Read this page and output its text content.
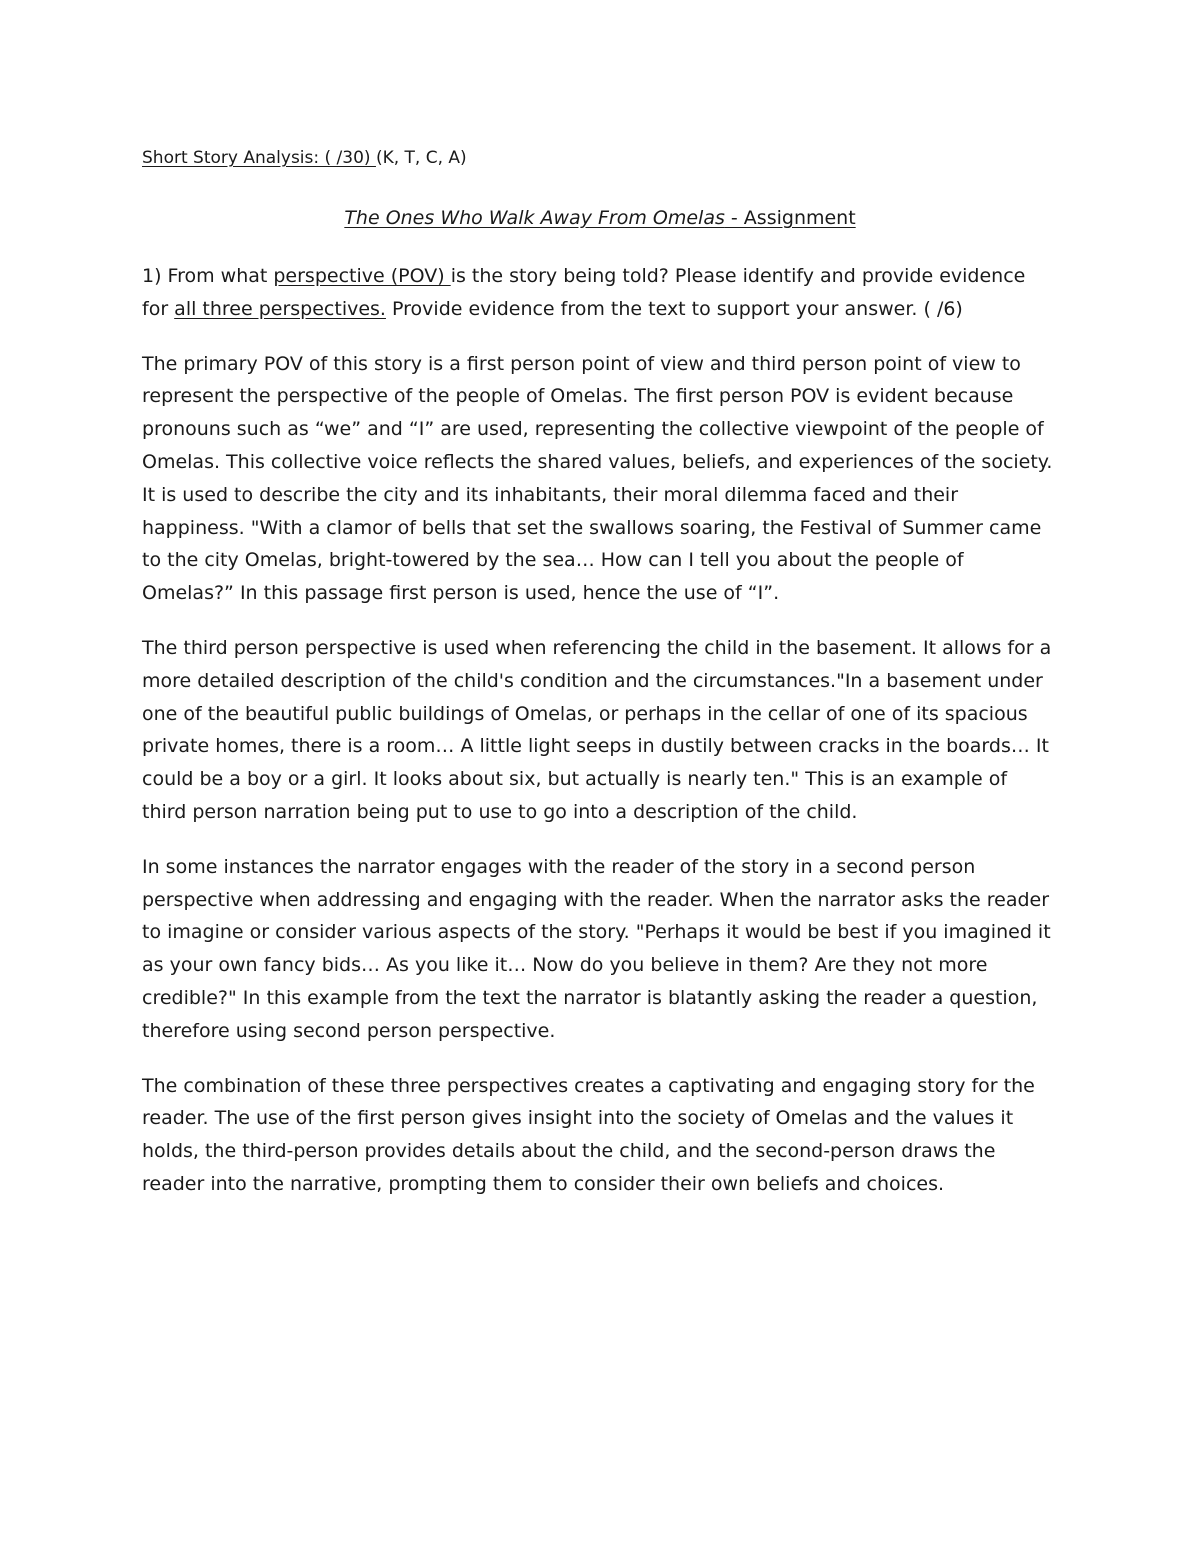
Short Story Analysis: ( /30) (K, T, C, A)
The Ones Who Walk Away From Omelas - Assignment

1) From what perspective (POV) is the story being told? Please identify and provide evidence for all three perspectives. Provide evidence from the text to support your answer. ( /6)

The primary POV of this story is a first person point of view and third person point of view to represent the perspective of the people of Omelas. The first person POV is evident because pronouns such as “we” and “I” are used, representing the collective viewpoint of the people of Omelas. This collective voice reflects the shared values, beliefs, and experiences of the society. It is used to describe the city and its inhabitants, their moral dilemma faced and their happiness. "With a clamor of bells that set the swallows soaring, the Festival of Summer came to the city Omelas, bright-towered by the sea… How can I tell you about the people of Omelas?” In this passage first person is used, hence the use of “I”.

The third person perspective is used when referencing the child in the basement. It allows for a more detailed description of the child's condition and the circumstances."In a basement under one of the beautiful public buildings of Omelas, or perhaps in the cellar of one of its spacious private homes, there is a room… A little light seeps in dustily between cracks in the boards… It could be a boy or a girl. It looks about six, but actually is nearly ten." This is an example of third person narration being put to use to go into a description of the child.

In some instances the narrator engages with the reader of the story in a second person perspective when addressing and engaging with the reader. When the narrator asks the reader to imagine or consider various aspects of the story. "Perhaps it would be best if you imagined it as your own fancy bids… As you like it… Now do you believe in them? Are they not more credible?" In this example from the text the narrator is blatantly asking the reader a question, therefore using second person perspective.

The combination of these three perspectives creates a captivating and engaging story for the reader. The use of the first person gives insight into the society of Omelas and the values it holds, the third-person provides details about the child, and the second-person draws the reader into the narrative, prompting them to consider their own beliefs and choices.
